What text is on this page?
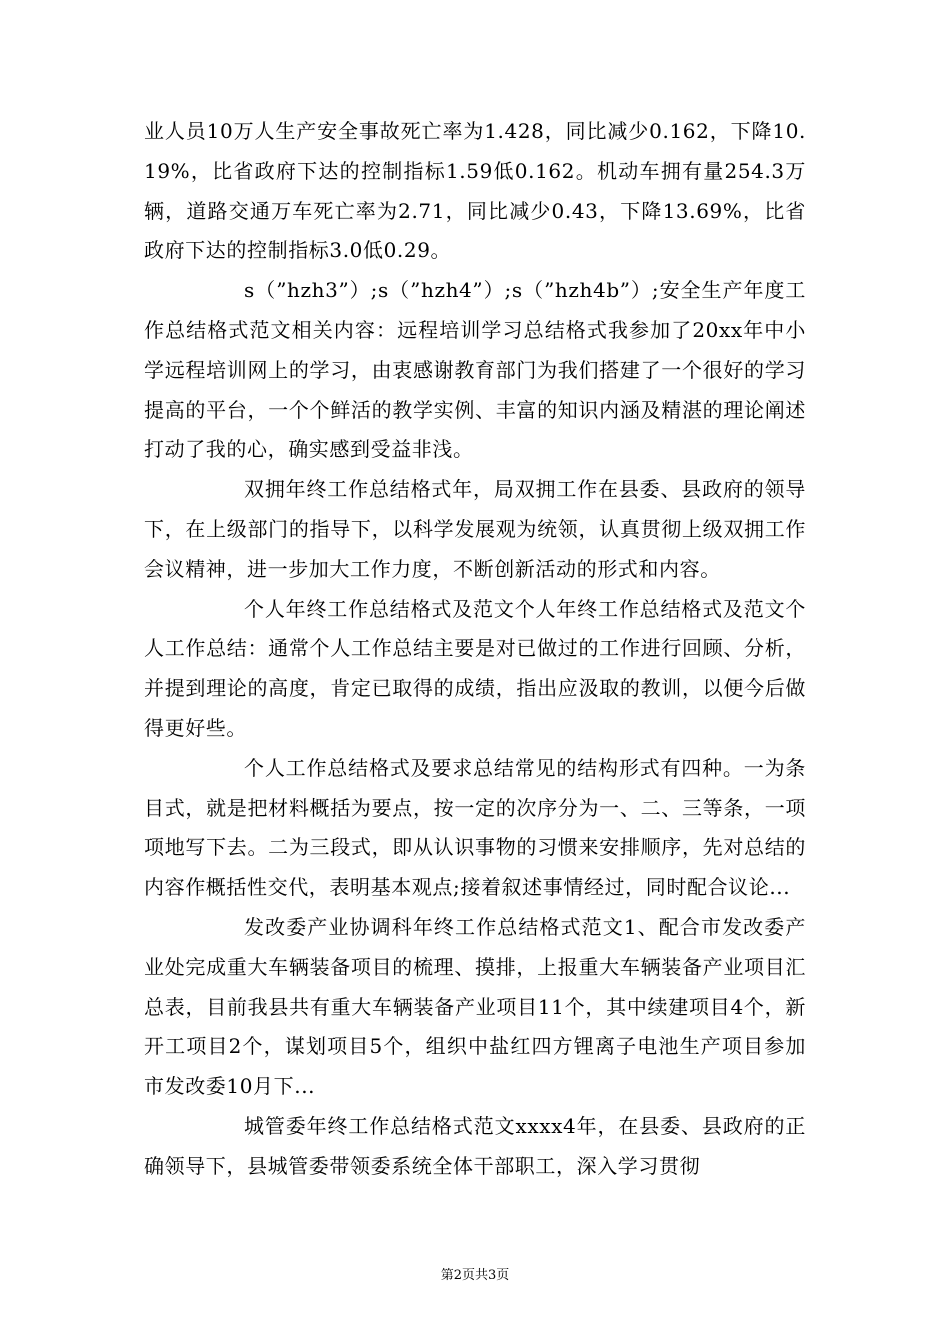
业人员10万人生产安全事故死亡率为1.428，同比减少0.162，下降10.19%，比省政府下达的控制指标1.59低0.162。机动车拥有量254.3万辆，道路交通万车死亡率为2.71，同比减少0.43，下降13.69%，比省政府下达的控制指标3.0低0.29。

s（”hzh3”）;s（”hzh4”）;s（”hzh4b”）;安全生产年度工作总结格式范文相关内容：远程培训学习总结格式我参加了20xx年中小学远程培训网上的学习，由衷感谢教育部门为我们搭建了一个很好的学习提高的平台，一个个鲜活的教学实例、丰富的知识内涵及精湛的理论阐述打动了我的心，确实感到受益非浅。

双拥年终工作总结格式年，局双拥工作在县委、县政府的领导下，在上级部门的指导下，以科学发展观为统领，认真贯彻上级双拥工作会议精神，进一步加大工作力度，不断创新活动的形式和内容。

个人年终工作总结格式及范文个人年终工作总结格式及范文个人工作总结：通常个人工作总结主要是对已做过的工作进行回顾、分析，并提到理论的高度，肯定已取得的成绩，指出应汲取的教训，以便今后做得更好些。

个人工作总结格式及要求总结常见的结构形式有四种。一为条目式，就是把材料概括为要点，按一定的次序分为一、二、三等条，一项项地写下去。二为三段式，即从认识事物的习惯来安排顺序，先对总结的内容作概括性交代，表明基本观点;接着叙述事情经过，同时配合议论...

发改委产业协调科年终工作总结格式范文1、配合市发改委产业处完成重大车辆装备项目的梳理、摸排，上报重大车辆装备产业项目汇总表，目前我县共有重大车辆装备产业项目11个，其中续建项目4个，新开工项目2个，谋划项目5个，组织中盐红四方锂离子电池生产项目参加市发改委10月下...

城管委年终工作总结格式范文xxxx4年，在县委、县政府的正确领导下，县城管委带领委系统全体干部职工，深入学习贯彻

第2页共3页
